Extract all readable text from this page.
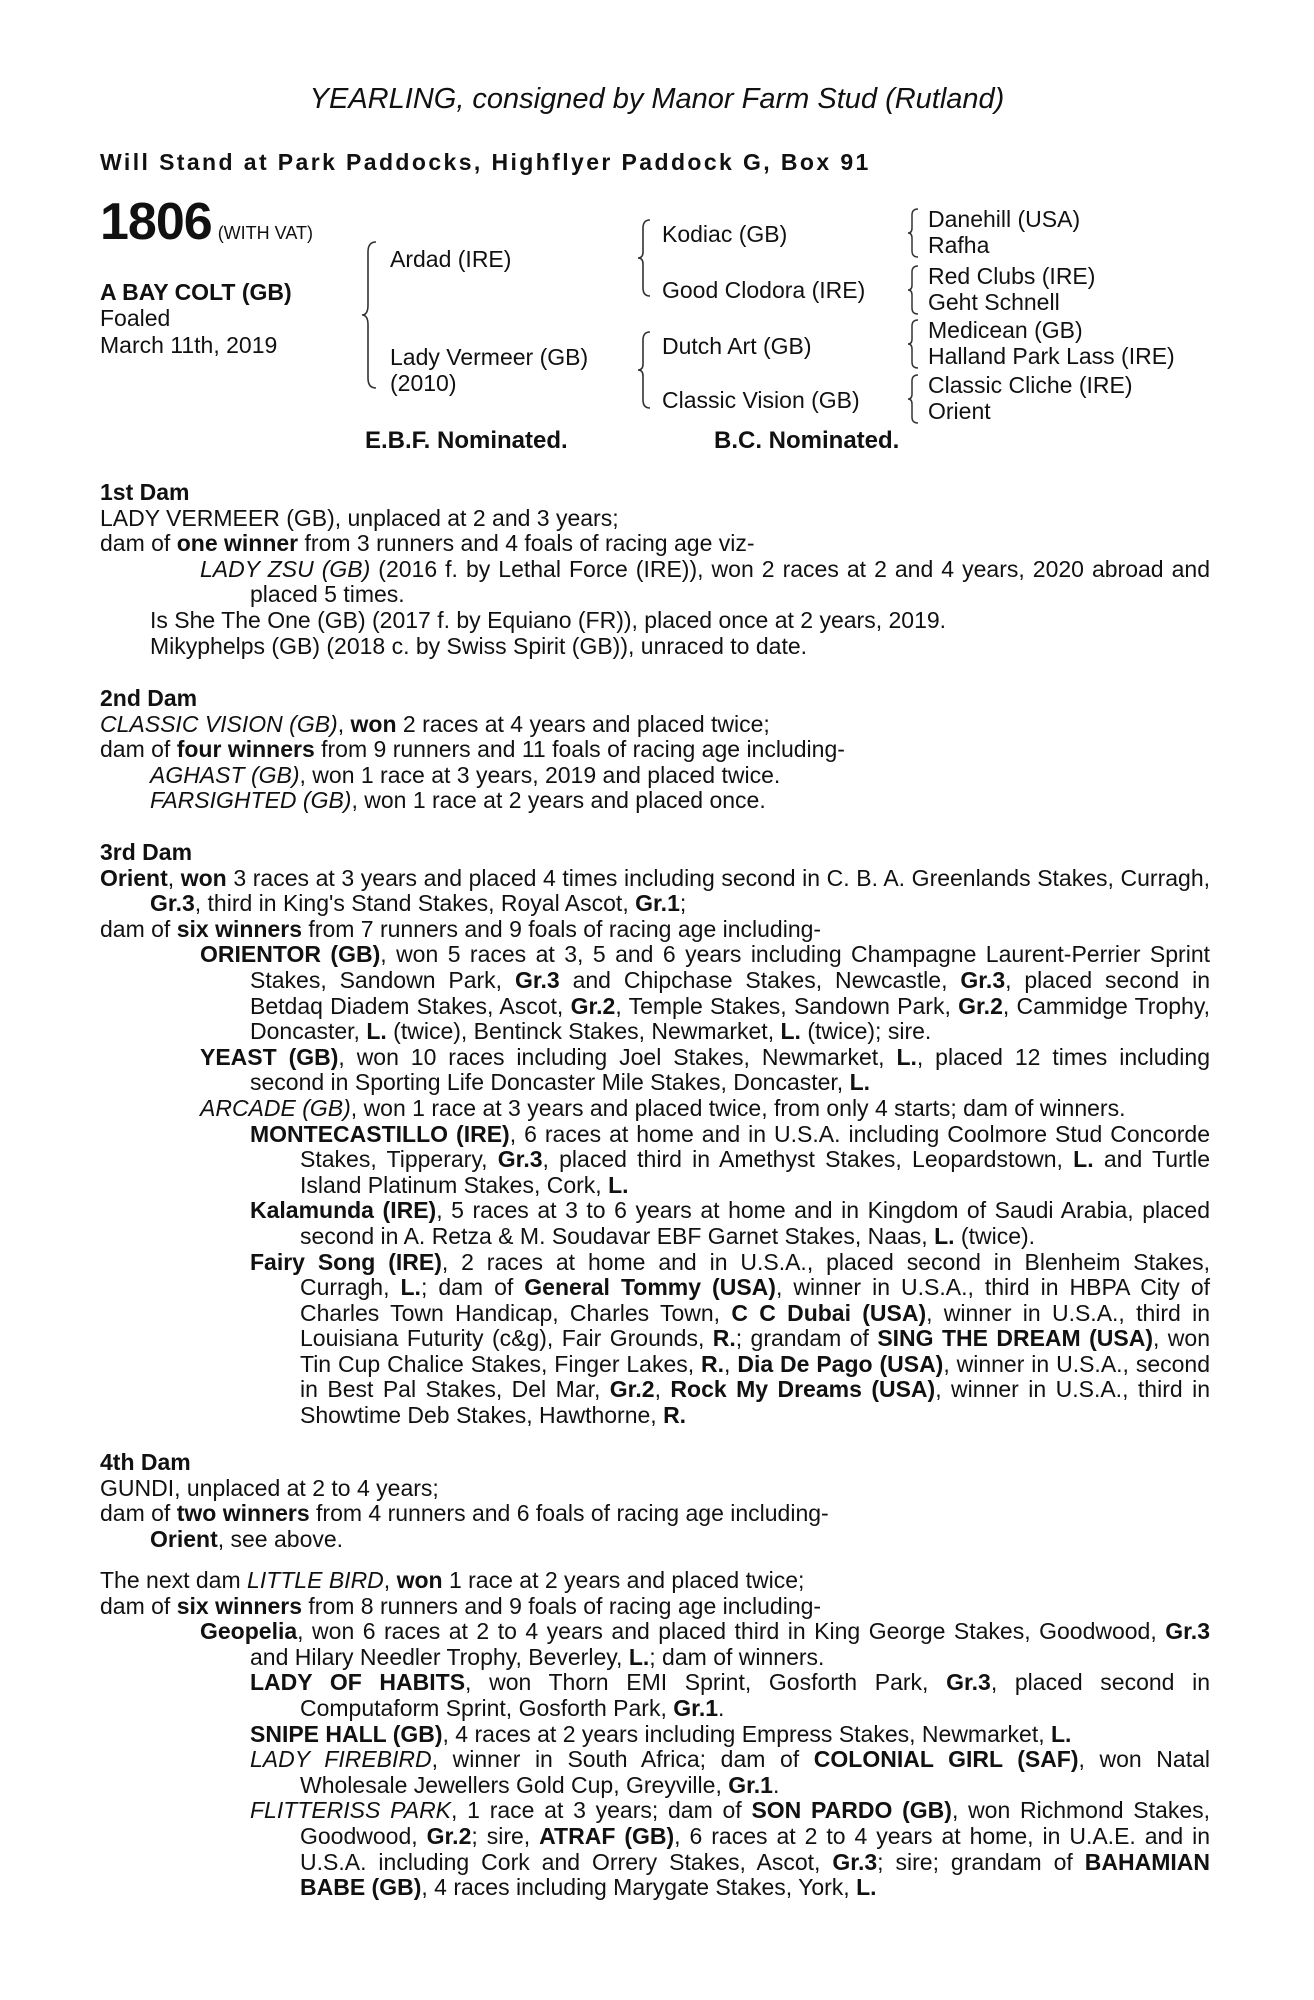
YEARLING, consigned by Manor Farm Stud (Rutland)
Will Stand at Park Paddocks, Highflyer Paddock G, Box 91
1806 (WITH VAT)
A BAY COLT (GB)
Foaled
March 11th, 2019
Ardad (IRE)
Lady Vermeer (GB)
(2010)
Kodiac (GB)
Good Clodora (IRE)
Dutch Art (GB)
Classic Vision (GB)
Danehill (USA)
Rafha
Red Clubs (IRE)
Geht Schnell
Medicean (GB)
Halland Park Lass (IRE)
Classic Cliche (IRE)
Orient
E.B.F. Nominated.	B.C. Nominated.
1st Dam

LADY VERMEER (GB), unplaced at 2 and 3 years;

dam of one winner from 3 runners and 4 foals of racing age viz-

LADY ZSU (GB) (2016 f. by Lethal Force (IRE)), won 2 races at 2 and 4 years, 2020 abroad and placed 5 times.

Is She The One (GB) (2017 f. by Equiano (FR)), placed once at 2 years, 2019.

Mikyphelps (GB) (2018 c. by Swiss Spirit (GB)), unraced to date.

2nd Dam

CLASSIC VISION (GB), won 2 races at 4 years and placed twice;

dam of four winners from 9 runners and 11 foals of racing age including-

AGHAST (GB), won 1 race at 3 years, 2019 and placed twice.

FARSIGHTED (GB), won 1 race at 2 years and placed once.

3rd Dam

Orient, won 3 races at 3 years and placed 4 times including second in C. B. A. Greenlands Stakes, Curragh, Gr.3, third in King's Stand Stakes, Royal Ascot, Gr.1;

dam of six winners from 7 runners and 9 foals of racing age including-

ORIENTOR (GB), won 5 races at 3, 5 and 6 years including Champagne Laurent-Perrier Sprint Stakes, Sandown Park, Gr.3 and Chipchase Stakes, Newcastle, Gr.3, placed second in Betdaq Diadem Stakes, Ascot, Gr.2, Temple Stakes, Sandown Park, Gr.2, Cammidge Trophy, Doncaster, L. (twice), Bentinck Stakes, Newmarket, L. (twice); sire.

YEAST (GB), won 10 races including Joel Stakes, Newmarket, L., placed 12 times including second in Sporting Life Doncaster Mile Stakes, Doncaster, L.

ARCADE (GB), won 1 race at 3 years and placed twice, from only 4 starts; dam of winners.

MONTECASTILLO (IRE), 6 races at home and in U.S.A. including Coolmore Stud Concorde Stakes, Tipperary, Gr.3, placed third in Amethyst Stakes, Leopardstown, L. and Turtle Island Platinum Stakes, Cork, L.

Kalamunda (IRE), 5 races at 3 to 6 years at home and in Kingdom of Saudi Arabia, placed second in A. Retza & M. Soudavar EBF Garnet Stakes, Naas, L. (twice).

Fairy Song (IRE), 2 races at home and in U.S.A., placed second in Blenheim Stakes, Curragh, L.; dam of General Tommy (USA), winner in U.S.A., third in HBPA City of Charles Town Handicap, Charles Town, C C Dubai (USA), winner in U.S.A., third in Louisiana Futurity (c&g), Fair Grounds, R.; grandam of SING THE DREAM (USA), won Tin Cup Chalice Stakes, Finger Lakes, R., Dia De Pago (USA), winner in U.S.A., second in Best Pal Stakes, Del Mar, Gr.2, Rock My Dreams (USA), winner in U.S.A., third in Showtime Deb Stakes, Hawthorne, R.

4th Dam

GUNDI, unplaced at 2 to 4 years;

dam of two winners from 4 runners and 6 foals of racing age including-

Orient, see above.

The next dam LITTLE BIRD, won 1 race at 2 years and placed twice;

dam of six winners from 8 runners and 9 foals of racing age including-

Geopelia, won 6 races at 2 to 4 years and placed third in King George Stakes, Goodwood, Gr.3 and Hilary Needler Trophy, Beverley, L.; dam of winners.

LADY OF HABITS, won Thorn EMI Sprint, Gosforth Park, Gr.3, placed second in Computaform Sprint, Gosforth Park, Gr.1.

SNIPE HALL (GB), 4 races at 2 years including Empress Stakes, Newmarket, L.

LADY FIREBIRD, winner in South Africa; dam of COLONIAL GIRL (SAF), won Natal Wholesale Jewellers Gold Cup, Greyville, Gr.1.

FLITTERISS PARK, 1 race at 3 years; dam of SON PARDO (GB), won Richmond Stakes, Goodwood, Gr.2; sire, ATRAF (GB), 6 races at 2 to 4 years at home, in U.A.E. and in U.S.A. including Cork and Orrery Stakes, Ascot, Gr.3; sire; grandam of BAHAMIAN BABE (GB), 4 races including Marygate Stakes, York, L.
